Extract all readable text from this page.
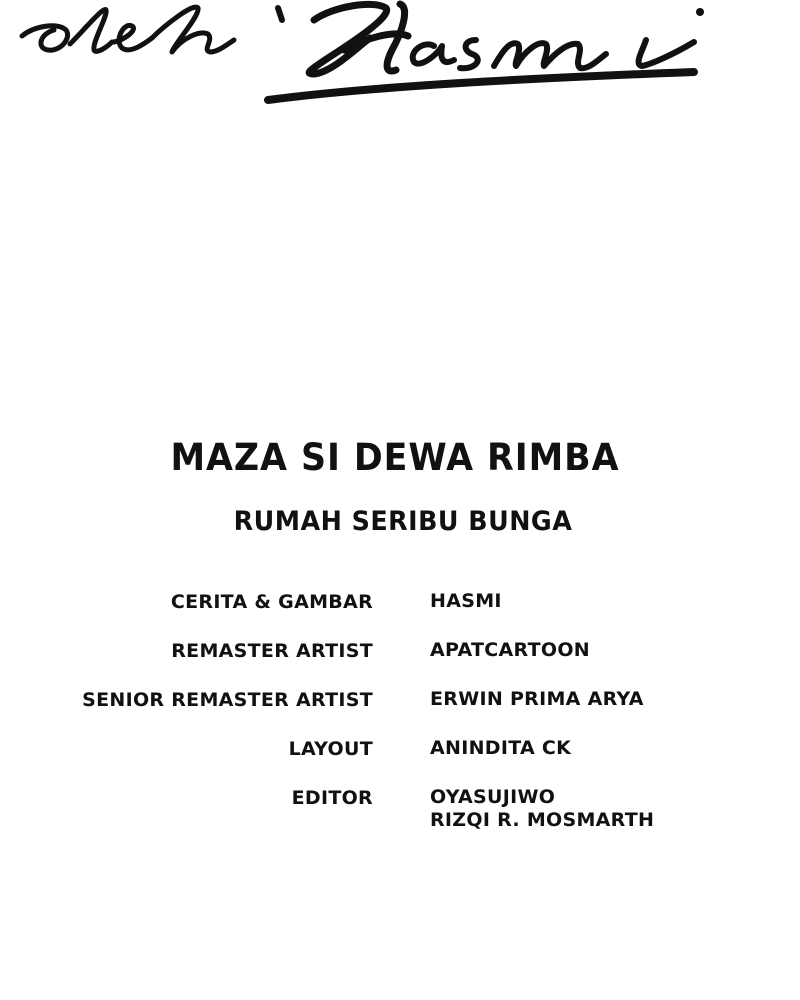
MAZA SI DEWA RIMBA
RUMAH SERIBU BUNGA
CERITA & GAMBAR	HASMI
REMASTER ARTIST	APATCARTOON
SENIOR REMASTER ARTIST	ERWIN PRIMA ARYA
LAYOUT	ANINDITA CK
EDITOR	OYASUJIWO
RIZQI R. MOSMARTH
